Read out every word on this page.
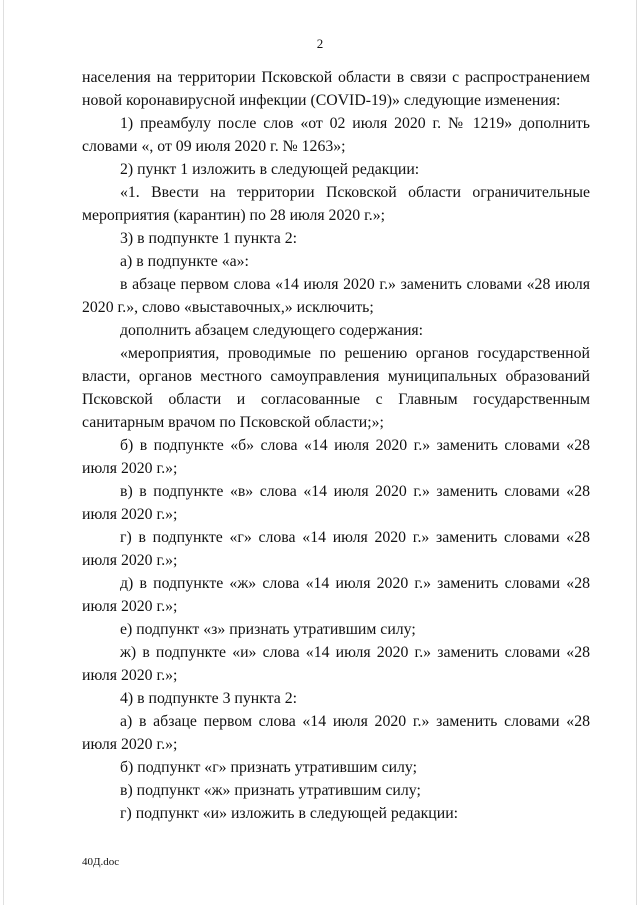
2

населения на территории Псковской области в связи с распространением новой коронавирусной инфекции (COVID-19)» следующие изменения:

1) преамбулу после слов «от 02 июля 2020 г. № 1219» дополнить словами «, от 09 июля 2020 г. № 1263»;

2) пункт 1 изложить в следующей редакции:

«1. Ввести на территории Псковской области ограничительные мероприятия (карантин) по 28 июля 2020 г.»;

3) в подпункте 1 пункта 2:

а) в подпункте «а»:

в абзаце первом слова «14 июля 2020 г.» заменить словами «28 июля 2020 г.», слово «выставочных,» исключить;

дополнить абзацем следующего содержания:

«мероприятия, проводимые по решению органов государственной власти, органов местного самоуправления муниципальных образований Псковской области и согласованные с Главным государственным санитарным врачом по Псковской области;»;

б) в подпункте «б» слова «14 июля 2020 г.» заменить словами «28 июля 2020 г.»;

в) в подпункте «в» слова «14 июля 2020 г.» заменить словами «28 июля 2020 г.»;

г) в подпункте «г» слова «14 июля 2020 г.» заменить словами «28 июля 2020 г.»;

д) в подпункте «ж» слова «14 июля 2020 г.» заменить словами «28 июля 2020 г.»;

е) подпункт «з» признать утратившим силу;

ж) в подпункте «и» слова «14 июля 2020 г.» заменить словами «28 июля 2020 г.»;

4) в подпункте 3 пункта 2:

а) в абзаце первом слова «14 июля 2020 г.» заменить словами «28 июля 2020 г.»;

б) подпункт «г» признать утратившим силу;

в) подпункт «ж» признать утратившим силу;

г) подпункт «и» изложить в следующей редакции:

40Д.doc
